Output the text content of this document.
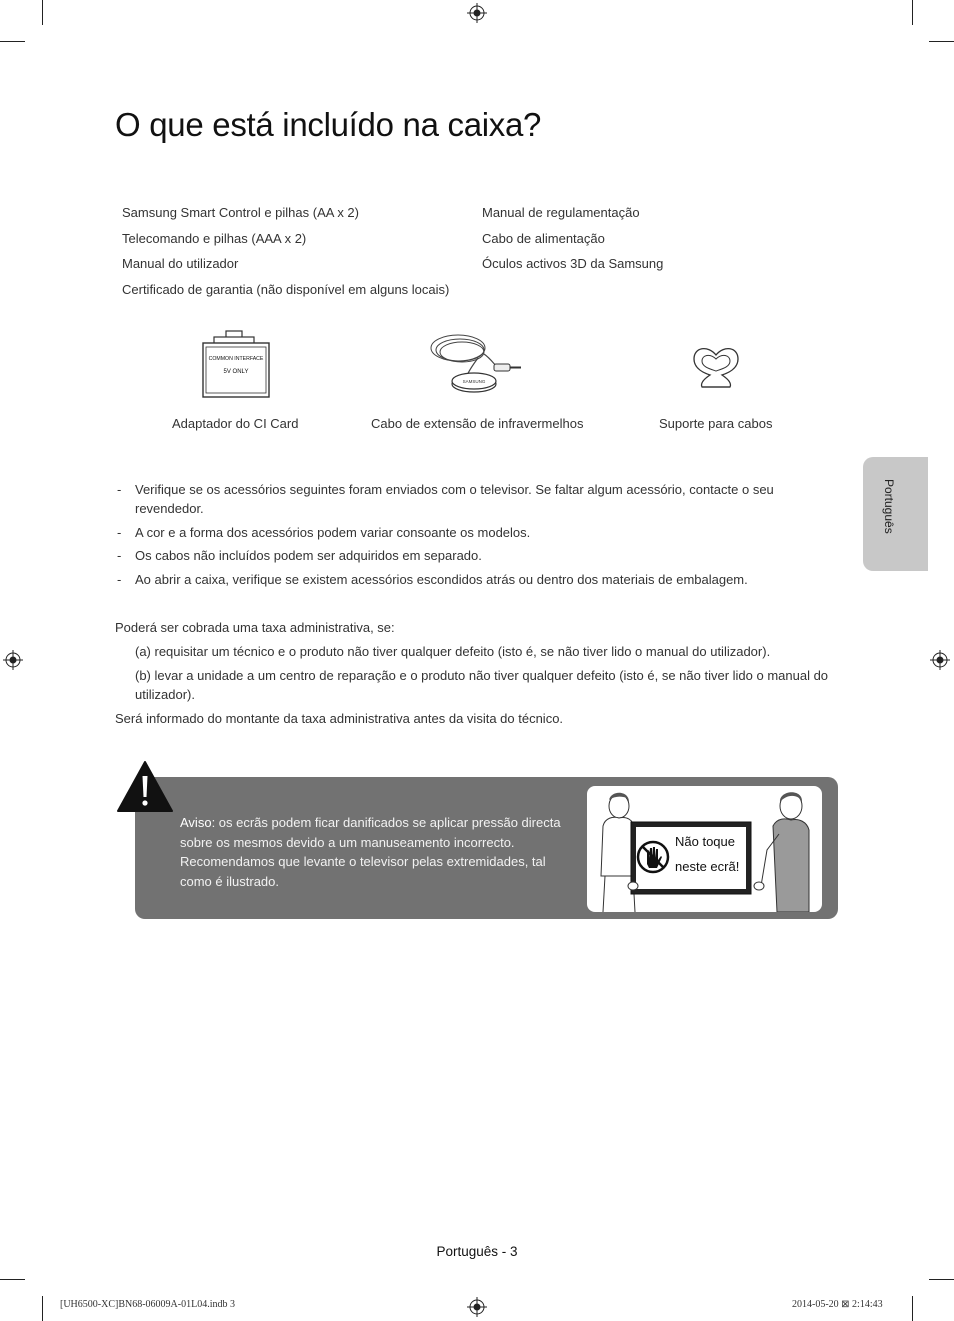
O que está incluído na caixa?
Samsung Smart Control e pilhas (AA x 2)
Telecomando e pilhas (AAA x 2)
Manual do utilizador
Certificado de garantia (não disponível em alguns locais)
Manual de regulamentação
Cabo de alimentação
Óculos activos 3D da Samsung
COMMON INTERFACE
5V ONLY
SAMSUNG
Adaptador do CI Card	Cabo de extensão de infravermelhos	Suporte para cabos
- Verifique se os acessórios seguintes foram enviados com o televisor. Se faltar algum acessório, contacte o seu revendedor.
- A cor e a forma dos acessórios podem variar consoante os modelos.
- Os cabos não incluídos podem ser adquiridos em separado.
- Ao abrir a caixa, verifique se existem acessórios escondidos atrás ou dentro dos materiais de embalagem.

Poderá ser cobrada uma taxa administrativa, se:

(a) requisitar um técnico e o produto não tiver qualquer defeito (isto é, se não tiver lido o manual do utilizador).

(b) levar a unidade a um centro de reparação e o produto não tiver qualquer defeito (isto é, se não tiver lido o manual do utilizador).

Será informado do montante da taxa administrativa antes da visita do técnico.

Aviso: os ecrãs podem ficar danificados se aplicar pressão directa sobre os mesmos devido a um manuseamento incorrecto. Recomendamos que levante o televisor pelas extremidades, tal como é ilustrado.
Não toque
neste ecrã!
Português
Português - 3
[UH6500-XC]BN68-06009A-01L04.indb 3	2014-05-20 ⊠ 2:14:43
